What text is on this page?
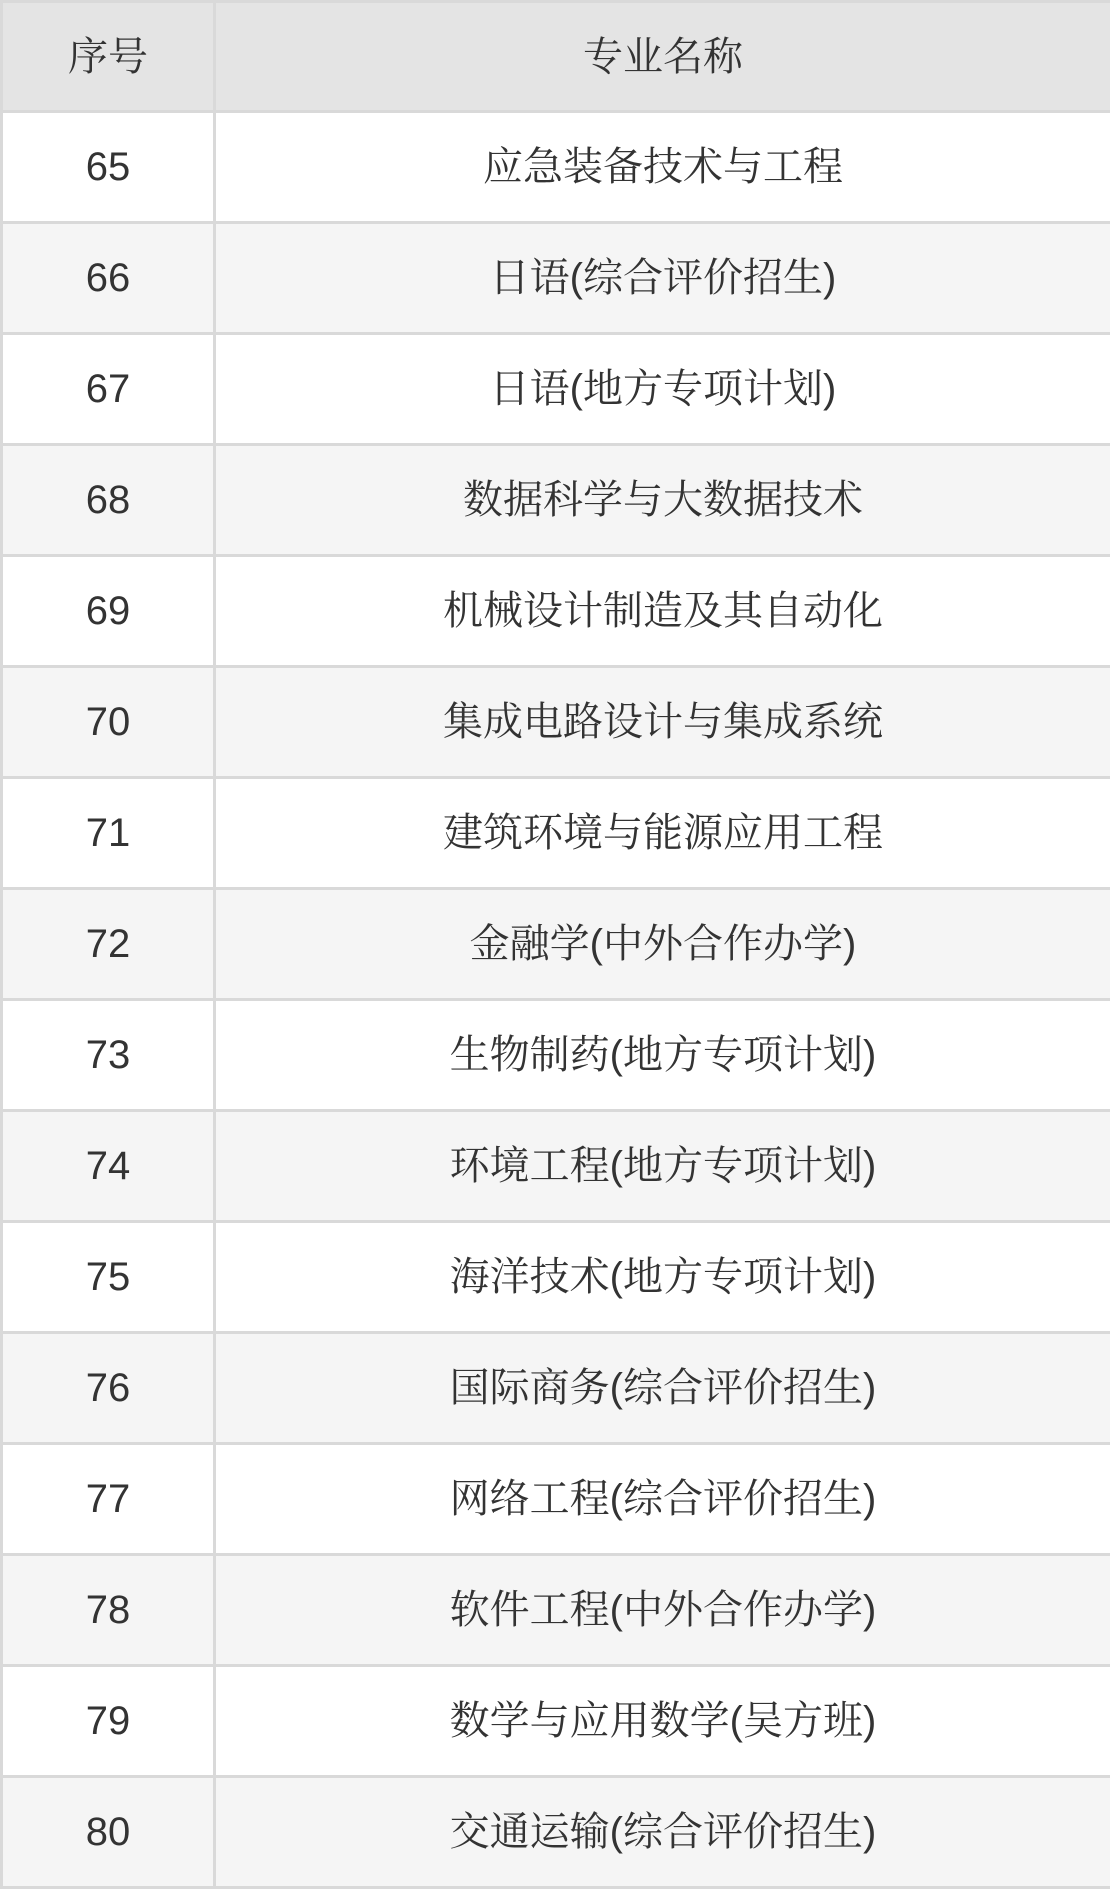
序号	专业名称
65	应急装备技术与工程
66	日语(综合评价招生)
67	日语(地方专项计划)
68	数据科学与大数据技术
69	机械设计制造及其自动化
70	集成电路设计与集成系统
71	建筑环境与能源应用工程
72	金融学(中外合作办学)
73	生物制药(地方专项计划)
74	环境工程(地方专项计划)
75	海洋技术(地方专项计划)
76	国际商务(综合评价招生)
77	网络工程(综合评价招生)
78	软件工程(中外合作办学)
79	数学与应用数学(吴方班)
80	交通运输(综合评价招生)
